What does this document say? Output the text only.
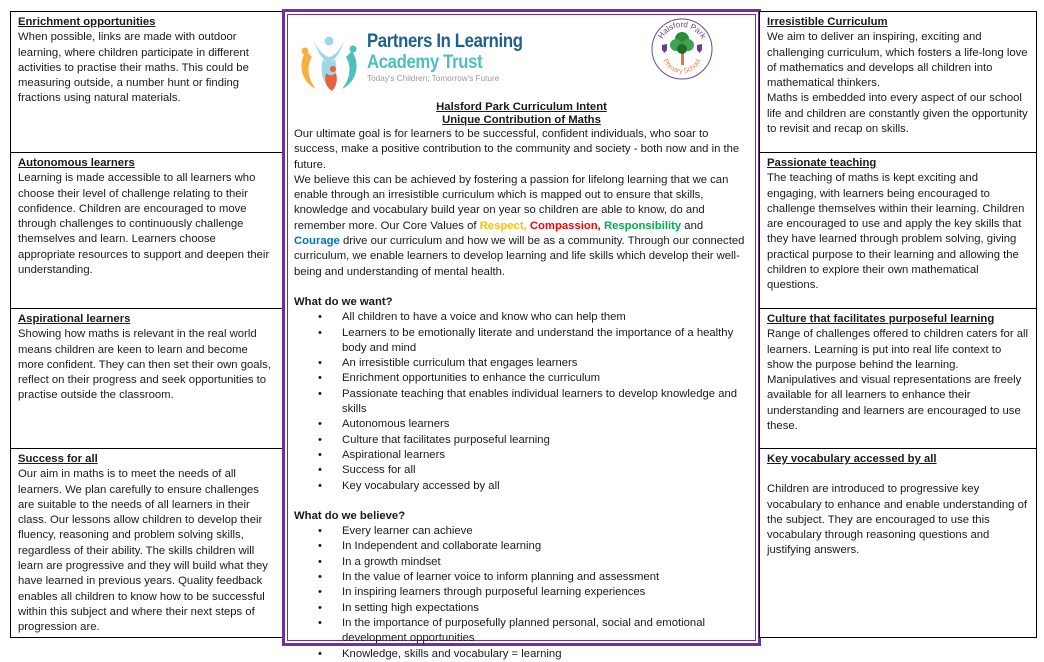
Enrichment opportunities

When possible, links are made with outdoor learning, where children participate in different activities to practise their maths. This could be measuring outside, a number hunt or finding fractions using natural materials.

Autonomous learners

Learning is made accessible to all learners who choose their level of challenge relating to their confidence. Children are encouraged to move through challenges to continuously challenge themselves and learn. Learners choose appropriate resources to support and deepen their understanding.

Aspirational learners

Showing how maths is relevant in the real world means children are keen to learn and become more confident. They can then set their own goals, reflect on their progress and seek opportunities to practise outside the classroom.

Success for all

Our aim in maths is to meet the needs of all learners. We plan carefully to ensure challenges are suitable to the needs of all learners in their class. Our lessons allow children to develop their fluency, reasoning and problem solving skills, regardless of their ability. The skills children will learn are progressive and they will build what they have learned in previous years. Quality feedback enables all children to know how to be successful within this subject and where their next steps of progression are.

Partners In Learning
Academy Trust
Today's Children; Tomorrow's Future
Halsford Park
Primary School
Halsford Park Curriculum Intent
Unique Contribution of Maths

Our ultimate goal is for learners to be successful, confident individuals, who soar to success, make a positive contribution to the community and society - both now and in the future.

We believe this can be achieved by fostering a passion for lifelong learning that we can enable through an irresistible curriculum which is mapped out to ensure that skills, knowledge and vocabulary build year on year so children are able to know, do and remember more. Our Core Values of Respect, Compassion, Responsibility and Courage drive our curriculum and how we will be as a community. Through our connected curriculum, we enable learners to develop learning and life skills which develop their well-being and understanding of mental health.

What do we want?
• All children to have a voice and know who can help them
• Learners to be emotionally literate and understand the importance of a healthy body and mind
• An irresistible curriculum that engages learners
• Enrichment opportunities to enhance the curriculum
• Passionate teaching that enables individual learners to develop knowledge and skills
• Autonomous learners
• Culture that facilitates purposeful learning
• Aspirational learners
• Success for all
• Key vocabulary accessed by all
What do we believe?
• Every learner can achieve
• In Independent and collaborate learning
• In a growth mindset
• In the value of learner voice to inform planning and assessment
• In inspiring learners through purposeful learning experiences
• In setting high expectations
• In the importance of purposefully planned personal, social and emotional development opportunities
• Knowledge, skills and vocabulary = learning
Irresistible Curriculum

We aim to deliver an inspiring, exciting and challenging curriculum, which fosters a life-long love of mathematics and develops all children into mathematical thinkers.

Maths is embedded into every aspect of our school life and children are constantly given the opportunity to revisit and recap on skills.

Passionate teaching

The teaching of maths is kept exciting and engaging, with learners being encouraged to challenge themselves within their learning. Children are encouraged to use and apply the key skills that they have learned through problem solving, giving practical purpose to their learning and allowing the children to explore their own mathematical questions.

Culture that facilitates purposeful learning

Range of challenges offered to children caters for all learners. Learning is put into real life context to show the purpose behind the learning. Manipulatives and visual representations are freely available for all learners to enhance their understanding and learners are encouraged to use these.

Key vocabulary accessed by all

Children are introduced to progressive key vocabulary to enhance and enable understanding of the subject. They are encouraged to use this vocabulary through reasoning questions and justifying answers.
